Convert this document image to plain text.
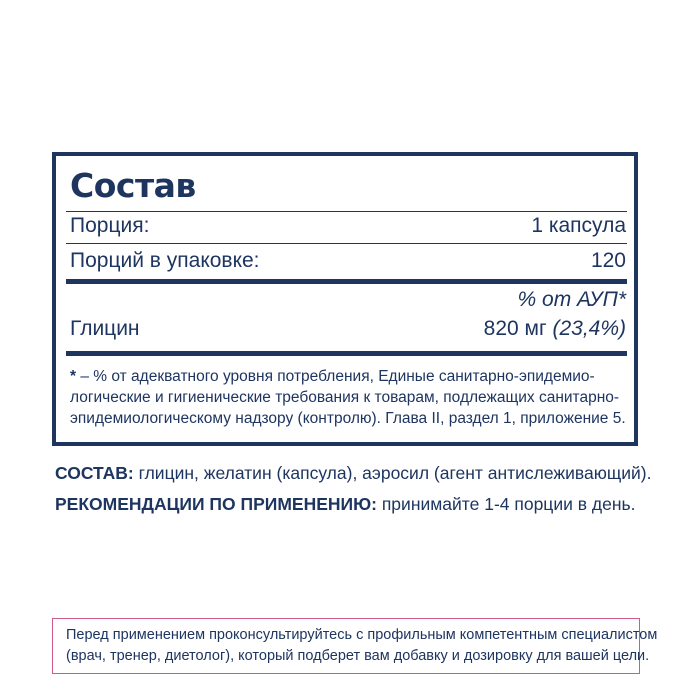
Состав
Порция:	1 капсула
Порций в упаковке:	120
% от АУП*
Глицин	820 мг (23,4%)
* – % от адекватного уровня потребления, Единые санитарно-эпидемио-
логические и гигиенические требования к товарам, подлежащих санитарно-
эпидемиологическому надзору (контролю). Глава II, раздел 1, приложение 5.
СОСТАВ: глицин, желатин (капсула), аэросил (агент антислеживающий).
РЕКОМЕНДАЦИИ ПО ПРИМЕНЕНИЮ: принимайте 1-4 порции в день.
Перед применением проконсультируйтесь с профильным компетентным специалистом
(врач, тренер, диетолог), который подберет вам добавку и дозировку для вашей цели.
